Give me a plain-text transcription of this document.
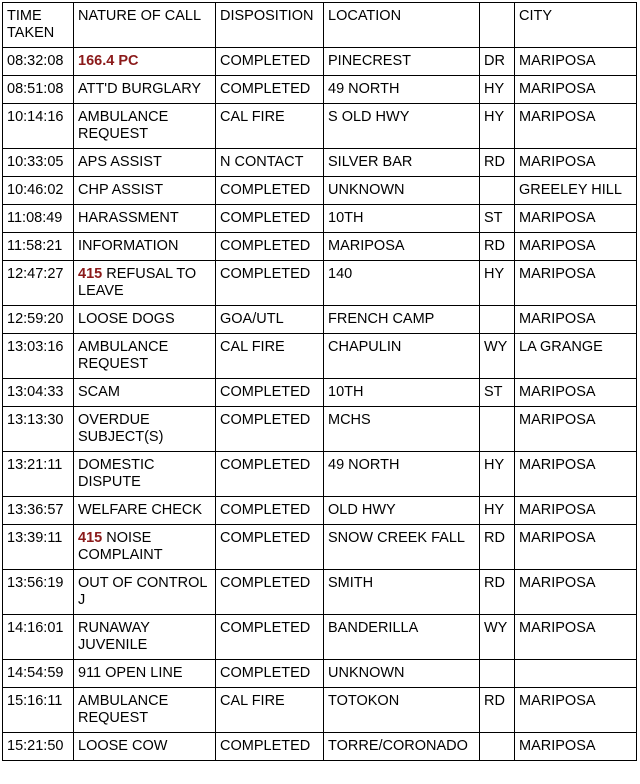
TIME TAKEN	NATURE OF CALL	DISPOSITION	LOCATION		CITY
08:32:08	166.4 PC	COMPLETED	PINECREST	DR	MARIPOSA
08:51:08	ATT'D BURGLARY	COMPLETED	49 NORTH	HY	MARIPOSA
10:14:16	AMBULANCE REQUEST	CAL FIRE	S OLD HWY	HY	MARIPOSA
10:33:05	APS ASSIST	N CONTACT	SILVER BAR	RD	MARIPOSA
10:46:02	CHP ASSIST	COMPLETED	UNKNOWN		GREELEY HILL
11:08:49	HARASSMENT	COMPLETED	10TH	ST	MARIPOSA
11:58:21	INFORMATION	COMPLETED	MARIPOSA	RD	MARIPOSA
12:47:27	415 REFUSAL TO LEAVE	COMPLETED	140	HY	MARIPOSA
12:59:20	LOOSE DOGS	GOA/UTL	FRENCH CAMP		MARIPOSA
13:03:16	AMBULANCE REQUEST	CAL FIRE	CHAPULIN	WY	LA GRANGE
13:04:33	SCAM	COMPLETED	10TH	ST	MARIPOSA
13:13:30	OVERDUE SUBJECT(S)	COMPLETED	MCHS		MARIPOSA
13:21:11	DOMESTIC DISPUTE	COMPLETED	49 NORTH	HY	MARIPOSA
13:36:57	WELFARE CHECK	COMPLETED	OLD HWY	HY	MARIPOSA
13:39:11	415 NOISE COMPLAINT	COMPLETED	SNOW CREEK FALL	RD	MARIPOSA
13:56:19	OUT OF CONTROL J	COMPLETED	SMITH	RD	MARIPOSA
14:16:01	RUNAWAY JUVENILE	COMPLETED	BANDERILLA	WY	MARIPOSA
14:54:59	911 OPEN LINE	COMPLETED	UNKNOWN		
15:16:11	AMBULANCE REQUEST	CAL FIRE	TOTOKON	RD	MARIPOSA
15:21:50	LOOSE COW	COMPLETED	TORRE/CORONADO		MARIPOSA
